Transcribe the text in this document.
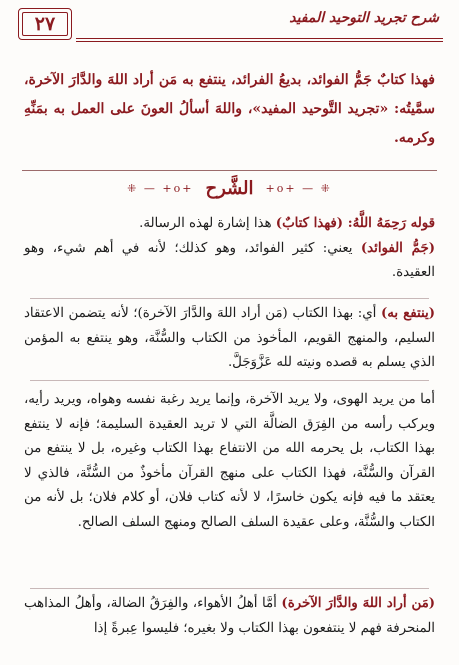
٢٧	شرح تجريد التوحيد المفيد
فهذا كتابٌ جَمُّ الفوائد، بديعُ الفرائد، ينتفع به مَن أراد اللهَ والدَّارَ الآخرة، سمَّيتُه: «تجريد التَّوحيد المفيد»، واللهَ أسألُ العونَ على العمل به بمَنِّهِ وكرمه.
⁜ — +o+
الشَّرح
+o+ — ⁜
قوله رَحِمَهُ اللَّهُ: (فهذا كتابٌ) هذا إشارة لهذه الرسالة.
(جَمُّ الفوائد) يعني: كثير الفوائد، وهو كذلك؛ لأنه في أهم شيء، وهو العقيدة.
(ينتفع به) أي: بهذا الكتاب (مَن أراد اللهَ والدَّارَ الآخرة)؛ لأنه يتضمن الاعتقاد السليم، والمنهج القويم، المأخوذ من الكتاب والسُّنَّة، وهو ينتفع به المؤمن الذي يسلم به قصده ونيته لله عَزَّوَجَلَّ.
أما من يريد الهوى، ولا يريد الآخرة، وإنما يريد رغبة نفسه وهواه، ويريد رأيه، ويركب رأسه من الفِرَق الضالَّة التي لا تريد العقيدة السليمة؛ فإنه لا ينتفع بهذا الكتاب، بل يحرمه الله من الانتفاع بهذا الكتاب وغيره، بل لا ينتفع من القرآن والسُّنَّة، فهذا الكتاب على منهج القرآن مأخوذٌ من السُّنَّة، فالذي لا يعتقد ما فيه فإنه يكون خاسرًا، لا لأنه كتاب فلان، أو كلام فلان؛ بل لأنه من الكتاب والسُّنَّة، وعلى عقيدة السلف الصالح ومنهج السلف الصالح.
(مَن أراد اللهَ والدَّارَ الآخرة) أمَّا أهلُ الأهواء، والفِرَقُ الضالة، وأهلُ المذاهب المنحرفة فهم لا ينتفعون بهذا الكتاب ولا بغيره؛ فليسوا عِبرةً إذا
